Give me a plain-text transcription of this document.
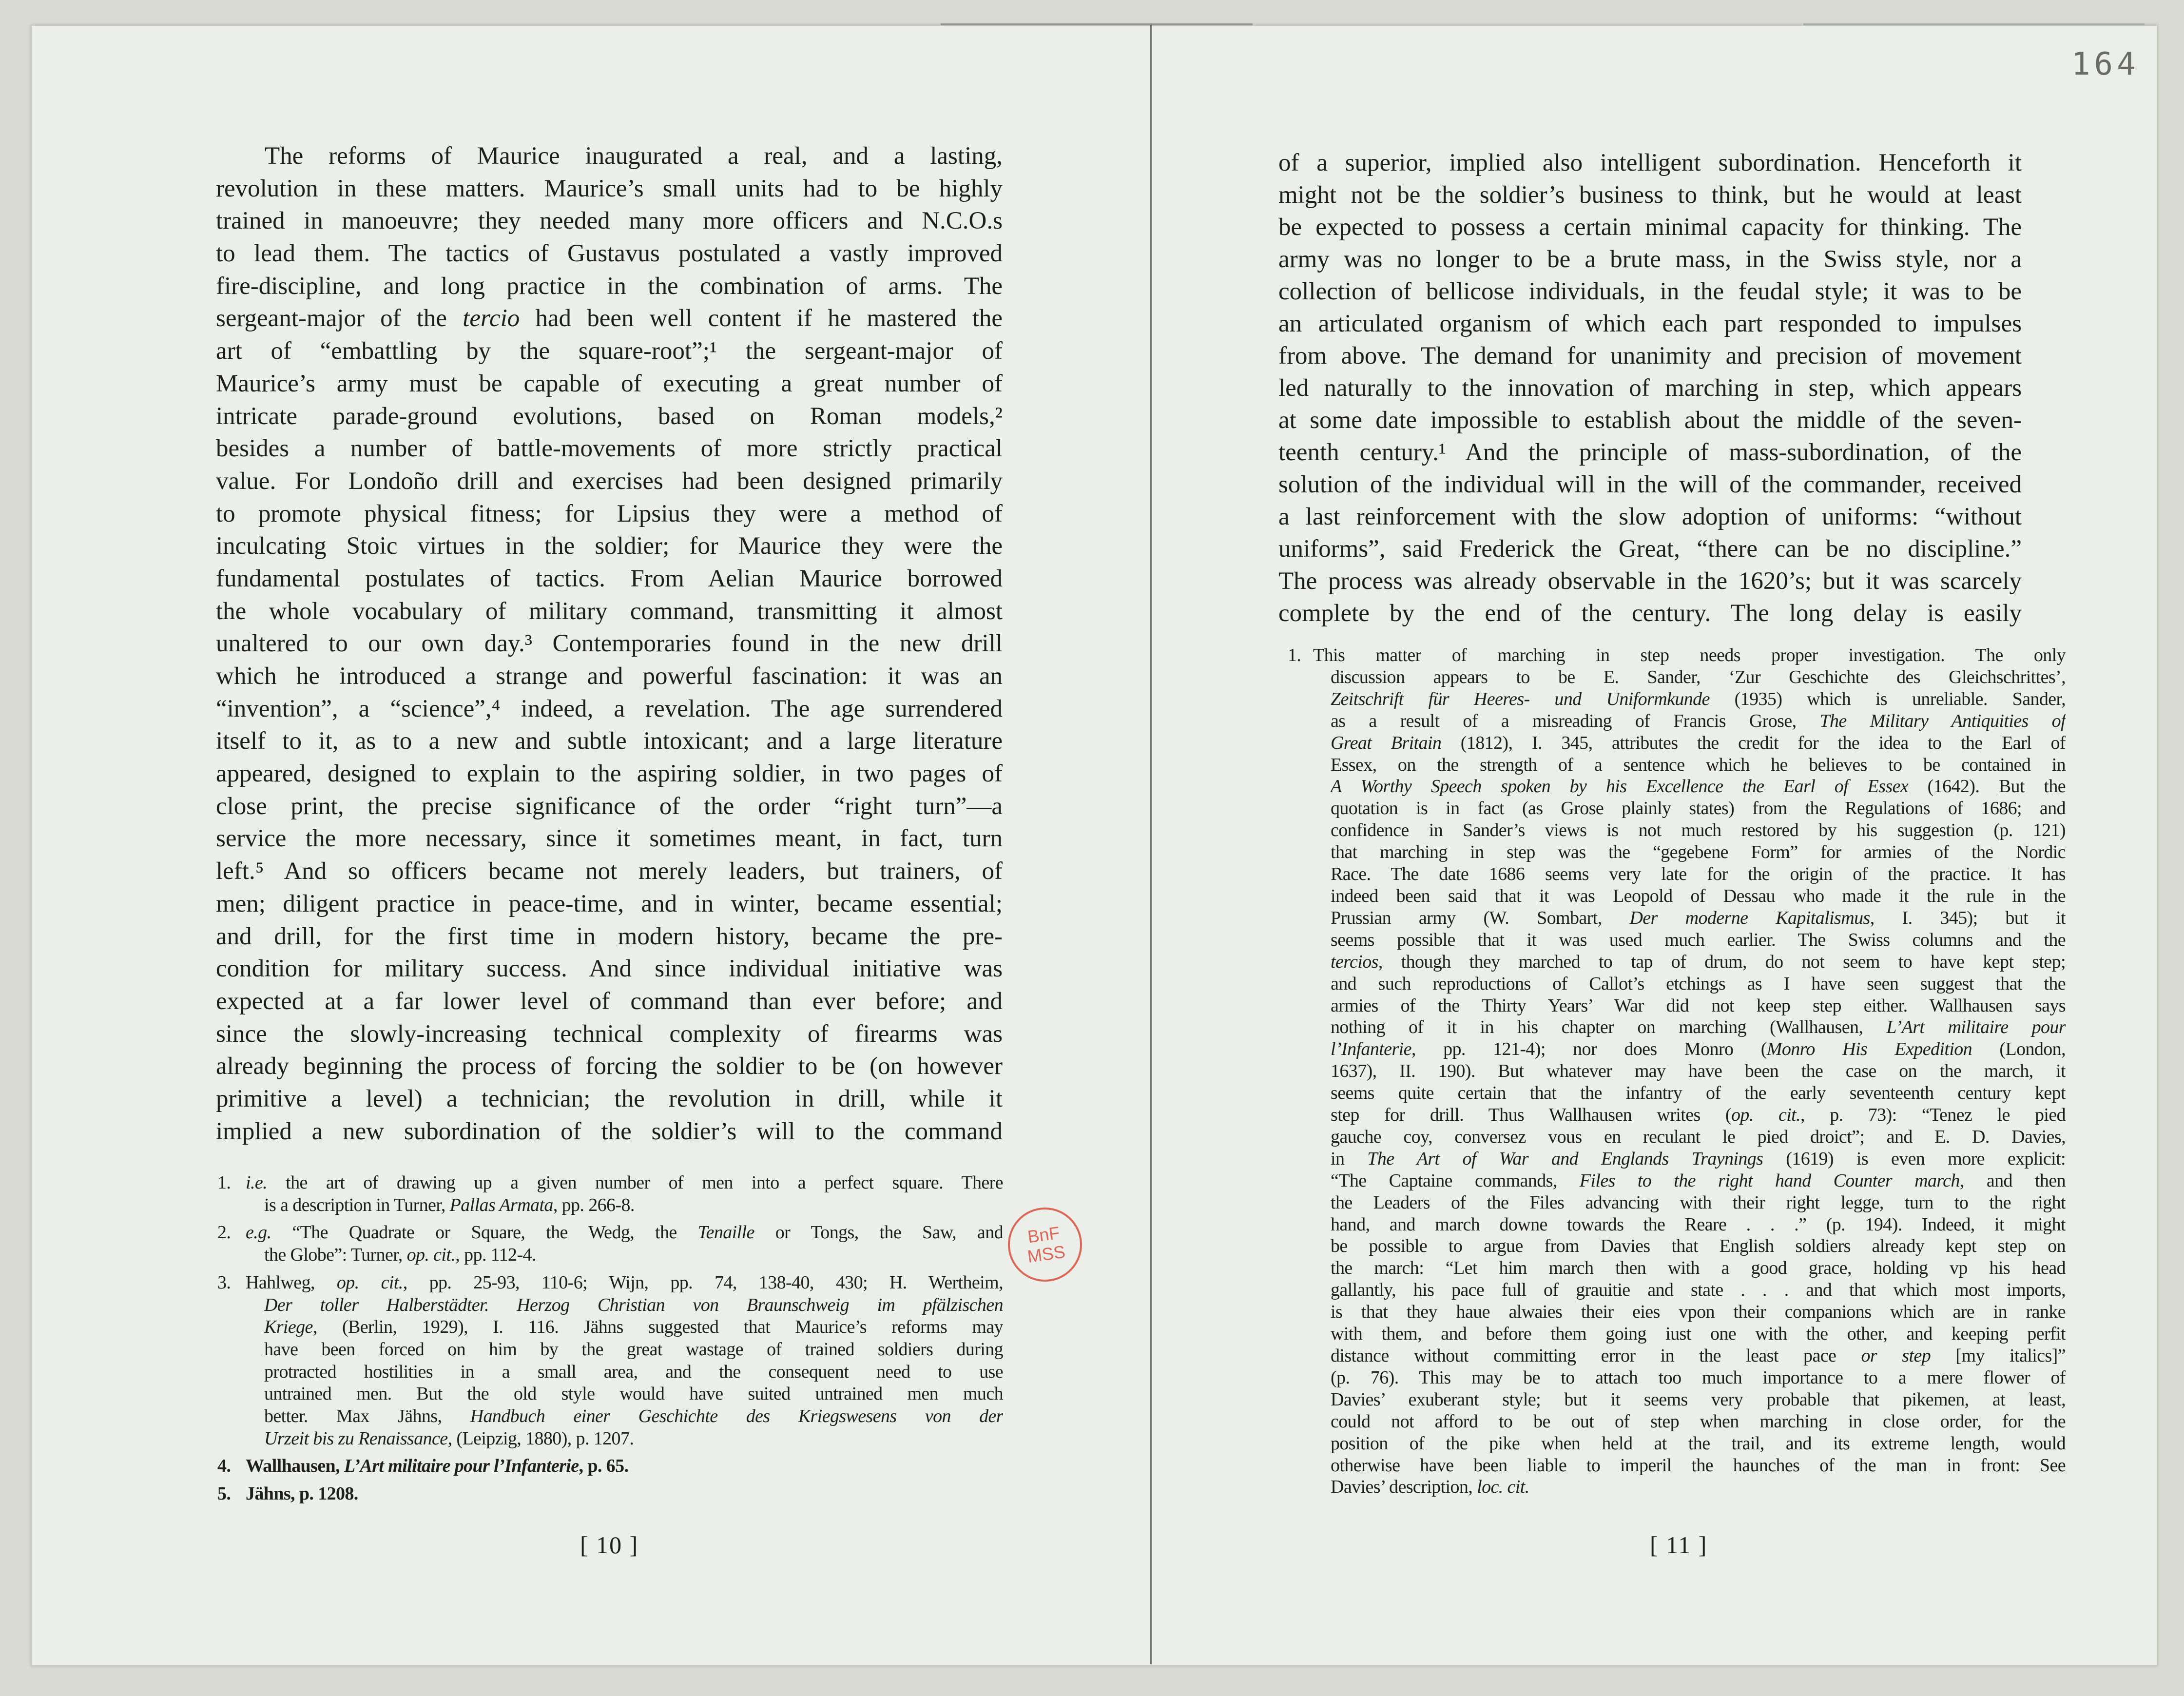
164
The reforms of Maurice inaugurated a real, and a lasting,
revolution in these matters. Maurice’s small units had to be highly
trained in manoeuvre; they needed many more officers and N.C.O.s
to lead them. The tactics of Gustavus postulated a vastly improved
fire-discipline, and long practice in the combination of arms. The
sergeant-major of the tercio had been well content if he mastered the
art of “embattling by the square-root”;¹ the sergeant-major of
Maurice’s army must be capable of executing a great number of
intricate parade-ground evolutions, based on Roman models,²
besides a number of battle-movements of more strictly practical
value. For Londoño drill and exercises had been designed primarily
to promote physical fitness; for Lipsius they were a method of
inculcating Stoic virtues in the soldier; for Maurice they were the
fundamental postulates of tactics. From Aelian Maurice borrowed
the whole vocabulary of military command, transmitting it almost
unaltered to our own day.³ Contemporaries found in the new drill
which he introduced a strange and powerful fascination: it was an
“invention”, a “science”,⁴ indeed, a revelation. The age surrendered
itself to it, as to a new and subtle intoxicant; and a large literature
appeared, designed to explain to the aspiring soldier, in two pages of
close print, the precise significance of the order “right turn”—a
service the more necessary, since it sometimes meant, in fact, turn
left.⁵ And so officers became not merely leaders, but trainers, of
men; diligent practice in peace-time, and in winter, became essential;
and drill, for the first time in modern history, became the pre-
condition for military success. And since individual initiative was
expected at a far lower level of command than ever before; and
since the slowly-increasing technical complexity of firearms was
already beginning the process of forcing the soldier to be (on however
primitive a level) a technician; the revolution in drill, while it
implied a new subordination of the soldier’s will to the command
1. i.e. the art of drawing up a given number of men into a perfect square. There
is a description in Turner, Pallas Armata, pp. 266-8.
2. e.g. “The Quadrate or Square, the Wedg, the Tenaille or Tongs, the Saw, and
the Globe”: Turner, op. cit., pp. 112-4.
3. Hahlweg, op. cit., pp. 25-93, 110-6; Wijn, pp. 74, 138-40, 430; H. Wertheim,
Der toller Halberstädter. Herzog Christian von Braunschweig im pfälzischen
Kriege, (Berlin, 1929), I. 116. Jähns suggested that Maurice’s reforms may
have been forced on him by the great wastage of trained soldiers during
protracted hostilities in a small area, and the consequent need to use
untrained men. But the old style would have suited untrained men much
better. Max Jähns, Handbuch einer Geschichte des Kriegswesens von der
Urzeit bis zu Renaissance, (Leipzig, 1880), p. 1207.
4. Wallhausen, L’Art militaire pour l’Infanterie, p. 65.
5. Jähns, p. 1208.
[ 10 ]
BnF
MSS
of a superior, implied also intelligent subordination. Henceforth it
might not be the soldier’s business to think, but he would at least
be expected to possess a certain minimal capacity for thinking. The
army was no longer to be a brute mass, in the Swiss style, nor a
collection of bellicose individuals, in the feudal style; it was to be
an articulated organism of which each part responded to impulses
from above. The demand for unanimity and precision of movement
led naturally to the innovation of marching in step, which appears
at some date impossible to establish about the middle of the seven-
teenth century.¹ And the principle of mass-subordination, of the
solution of the individual will in the will of the commander, received
a last reinforcement with the slow adoption of uniforms: “without
uniforms”, said Frederick the Great, “there can be no discipline.”
The process was already observable in the 1620’s; but it was scarcely
complete by the end of the century. The long delay is easily
1. This matter of marching in step needs proper investigation. The only
discussion appears to be E. Sander, ‘Zur Geschichte des Gleichschrittes’,
Zeitschrift für Heeres- und Uniformkunde (1935) which is unreliable. Sander,
as a result of a misreading of Francis Grose, The Military Antiquities of
Great Britain (1812), I. 345, attributes the credit for the idea to the Earl of
Essex, on the strength of a sentence which he believes to be contained in
A Worthy Speech spoken by his Excellence the Earl of Essex (1642). But the
quotation is in fact (as Grose plainly states) from the Regulations of 1686; and
confidence in Sander’s views is not much restored by his suggestion (p. 121)
that marching in step was the “gegebene Form” for armies of the Nordic
Race. The date 1686 seems very late for the origin of the practice. It has
indeed been said that it was Leopold of Dessau who made it the rule in the
Prussian army (W. Sombart, Der moderne Kapitalismus, I. 345); but it
seems possible that it was used much earlier. The Swiss columns and the
tercios, though they marched to tap of drum, do not seem to have kept step;
and such reproductions of Callot’s etchings as I have seen suggest that the
armies of the Thirty Years’ War did not keep step either. Wallhausen says
nothing of it in his chapter on marching (Wallhausen, L’Art militaire pour
l’Infanterie, pp. 121-4); nor does Monro (Monro His Expedition (London,
1637), II. 190). But whatever may have been the case on the march, it
seems quite certain that the infantry of the early seventeenth century kept
step for drill. Thus Wallhausen writes (op. cit., p. 73): “Tenez le pied
gauche coy, conversez vous en reculant le pied droict”; and E. D. Davies,
in The Art of War and Englands Traynings (1619) is even more explicit:
“The Captaine commands, Files to the right hand Counter march, and then
the Leaders of the Files advancing with their right legge, turn to the right
hand, and march downe towards the Reare . . .” (p. 194). Indeed, it might
be possible to argue from Davies that English soldiers already kept step on
the march: “Let him march then with a good grace, holding vp his head
gallantly, his pace full of grauitie and state . . . and that which most imports,
is that they haue alwaies their eies vpon their companions which are in ranke
with them, and before them going iust one with the other, and keeping perfit
distance without committing error in the least pace or step [my italics]”
(p. 76). This may be to attach too much importance to a mere flower of
Davies’ exuberant style; but it seems very probable that pikemen, at least,
could not afford to be out of step when marching in close order, for the
position of the pike when held at the trail, and its extreme length, would
otherwise have been liable to imperil the haunches of the man in front: See
Davies’ description, loc. cit.
[ 11 ]
